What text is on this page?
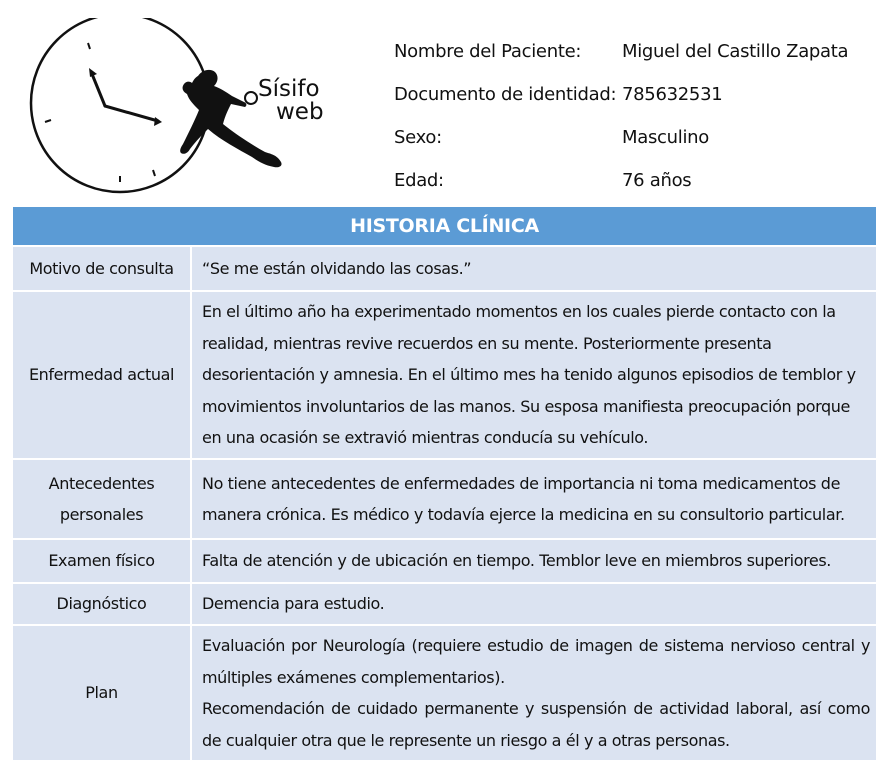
Sísifo
web
Nombre del Paciente:	Miguel del Castillo Zapata
Documento de identidad: 785632531
Sexo:	Masculino
Edad:	76 años
HISTORIA CLÍNICA	
Motivo de consulta	“Se me están olvidando las cosas.”
Enfermedad actual	En el último año ha experimentado momentos en los cuales pierde contacto con la realidad, mientras revive recuerdos en su mente. Posteriormente presenta desorientación y amnesia. En el último mes ha tenido algunos episodios de temblor y movimientos involuntarios de las manos. Su esposa manifiesta preocupación porque en una ocasión se extravió mientras conducía su vehículo.
Antecedentes personales	No tiene antecedentes de enfermedades de importancia ni toma medicamentos de manera crónica. Es médico y todavía ejerce la medicina en su consultorio particular.
Examen físico	Falta de atención y de ubicación en tiempo. Temblor leve en miembros superiores.
Diagnóstico	Demencia para estudio.
Plan	Evaluación por Neurología (requiere estudio de imagen de sistema nervioso central y múltiples exámenes complementarios).
Recomendación de cuidado permanente y suspensión de actividad laboral, así como de cualquier otra que le represente un riesgo a él y a otras personas.
